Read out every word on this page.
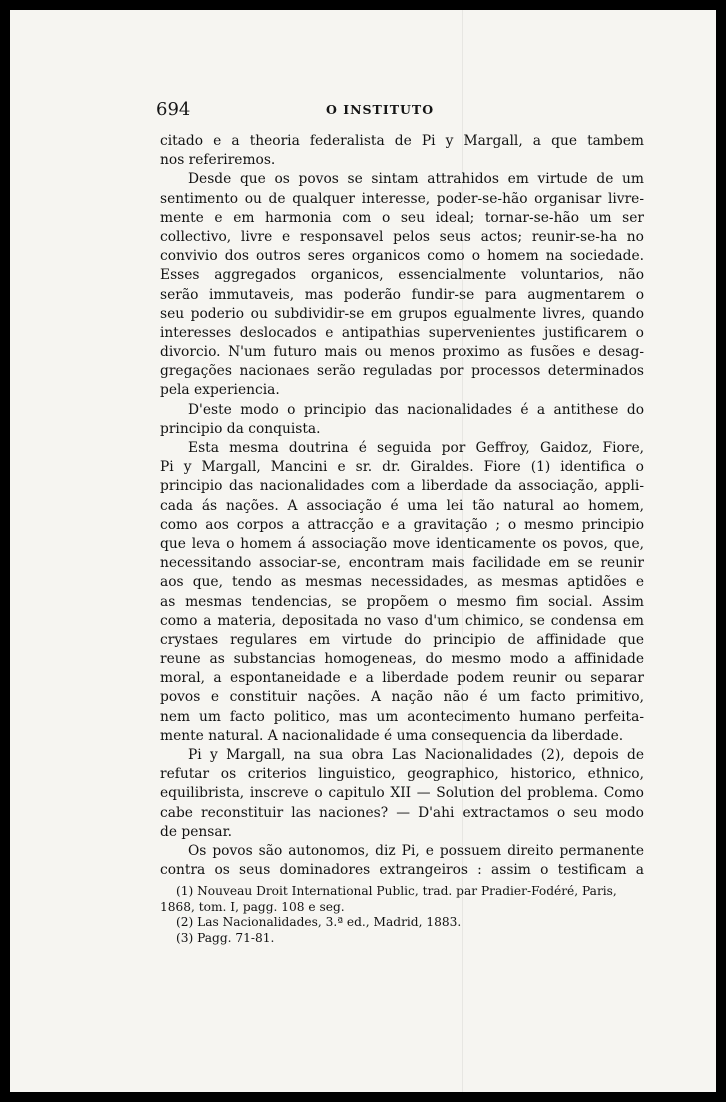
694	O INSTITUTO
citado e a theoria federalista de Pi y Margall, a que tambem
nos referiremos.
Desde que os povos se sintam attrahidos em virtude de um
sentimento ou de qualquer interesse, poder-se-hão organisar livre-
mente e em harmonia com o seu ideal; tornar-se-hão um ser
collectivo, livre e responsavel pelos seus actos; reunir-se-ha no
convivio dos outros seres organicos como o homem na sociedade.
Esses aggregados organicos, essencialmente voluntarios, não
serão immutaveis, mas poderão fundir-se para augmentarem o
seu poderio ou subdividir-se em grupos egualmente livres, quando
interesses deslocados e antipathias supervenientes justificarem o
divorcio. N'um futuro mais ou menos proximo as fusões e desag-
gregações nacionaes serão reguladas por processos determinados
pela experiencia.
D'este modo o principio das nacionalidades é a antithese do
principio da conquista.
Esta mesma doutrina é seguida por Geffroy, Gaidoz, Fiore,
Pi y Margall, Mancini e sr. dr. Giraldes. Fiore (1) identifica o
principio das nacionalidades com a liberdade da associação, appli-
cada ás nações. A associação é uma lei tão natural ao homem,
como aos corpos a attracção e a gravitação ; o mesmo principio
que leva o homem á associação move identicamente os povos, que,
necessitando associar-se, encontram mais facilidade em se reunir
aos que, tendo as mesmas necessidades, as mesmas aptidões e
as mesmas tendencias, se propõem o mesmo fim social. Assim
como a materia, depositada no vaso d'um chimico, se condensa em
crystaes regulares em virtude do principio de affinidade que
reune as substancias homogeneas, do mesmo modo a affinidade
moral, a espontaneidade e a liberdade podem reunir ou separar
povos e constituir nações. A nação não é um facto primitivo,
nem um facto politico, mas um acontecimento humano perfeita-
mente natural. A nacionalidade é uma consequencia da liberdade.
Pi y Margall, na sua obra Las Nacionalidades (2), depois de
refutar os criterios linguistico, geographico, historico, ethnico,
equilibrista, inscreve o capitulo XII — Solution del problema. Como
cabe reconstituir las naciones? — D'ahi extractamos o seu modo
de pensar.
Os povos são autonomos, diz Pi, e possuem direito permanente
contra os seus dominadores extrangeiros : assim o testificam a
(1) Nouveau Droit International Public, trad. par Pradier-Fodéré, Paris,
1868, tom. I, pagg. 108 e seg.
(2) Las Nacionalidades, 3.ª ed., Madrid, 1883.
(3) Pagg. 71-81.
